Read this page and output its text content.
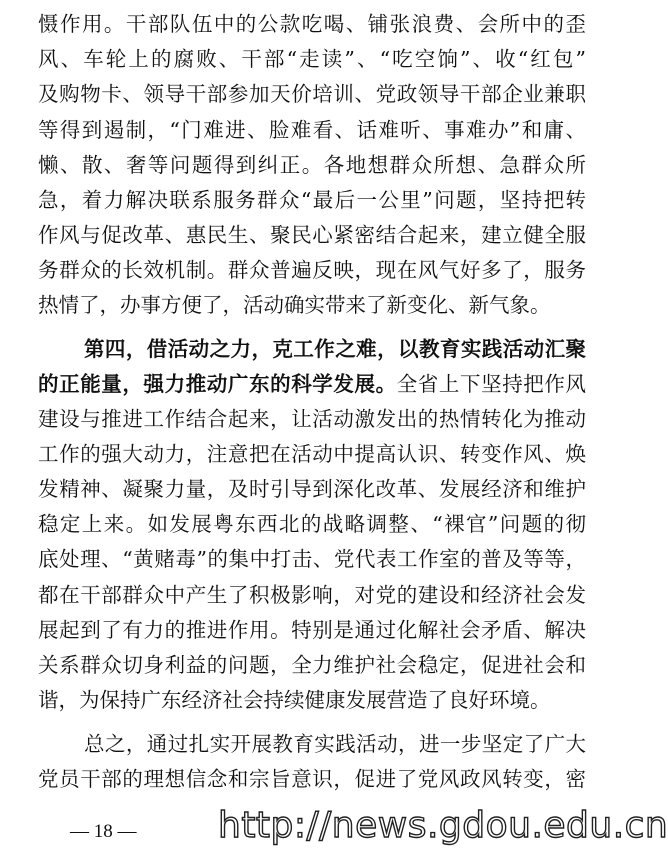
慑作用。干部队伍中的公款吃喝、铺张浪费、会所中的歪
风、车轮上的腐败、干部“走读”、“吃空饷”、收“红包”
及购物卡、领导干部参加天价培训、党政领导干部企业兼职
等得到遏制，“门难进、脸难看、话难听、事难办”和庸、
懒、散、奢等问题得到纠正。各地想群众所想、急群众所
急，着力解决联系服务群众“最后一公里”问题，坚持把转
作风与促改革、惠民生、聚民心紧密结合起来，建立健全服
务群众的长效机制。群众普遍反映，现在风气好多了，服务
热情了，办事方便了，活动确实带来了新变化、新气象。
第四，借活动之力，克工作之难，以教育实践活动汇聚
的正能量，强力推动广东的科学发展。全省上下坚持把作风
建设与推进工作结合起来，让活动激发出的热情转化为推动
工作的强大动力，注意把在活动中提高认识、转变作风、焕
发精神、凝聚力量，及时引导到深化改革、发展经济和维护
稳定上来。如发展粤东西北的战略调整、“裸官”问题的彻
底处理、“黄赌毒”的集中打击、党代表工作室的普及等等，
都在干部群众中产生了积极影响，对党的建设和经济社会发
展起到了有力的推进作用。特别是通过化解社会矛盾、解决
关系群众切身利益的问题，全力维护社会稳定，促进社会和
谐，为保持广东经济社会持续健康发展营造了良好环境。
总之，通过扎实开展教育实践活动，进一步坚定了广大
党员干部的理想信念和宗旨意识，促进了党风政风转变，密
— 18 — http://news.gdou.edu.cn
